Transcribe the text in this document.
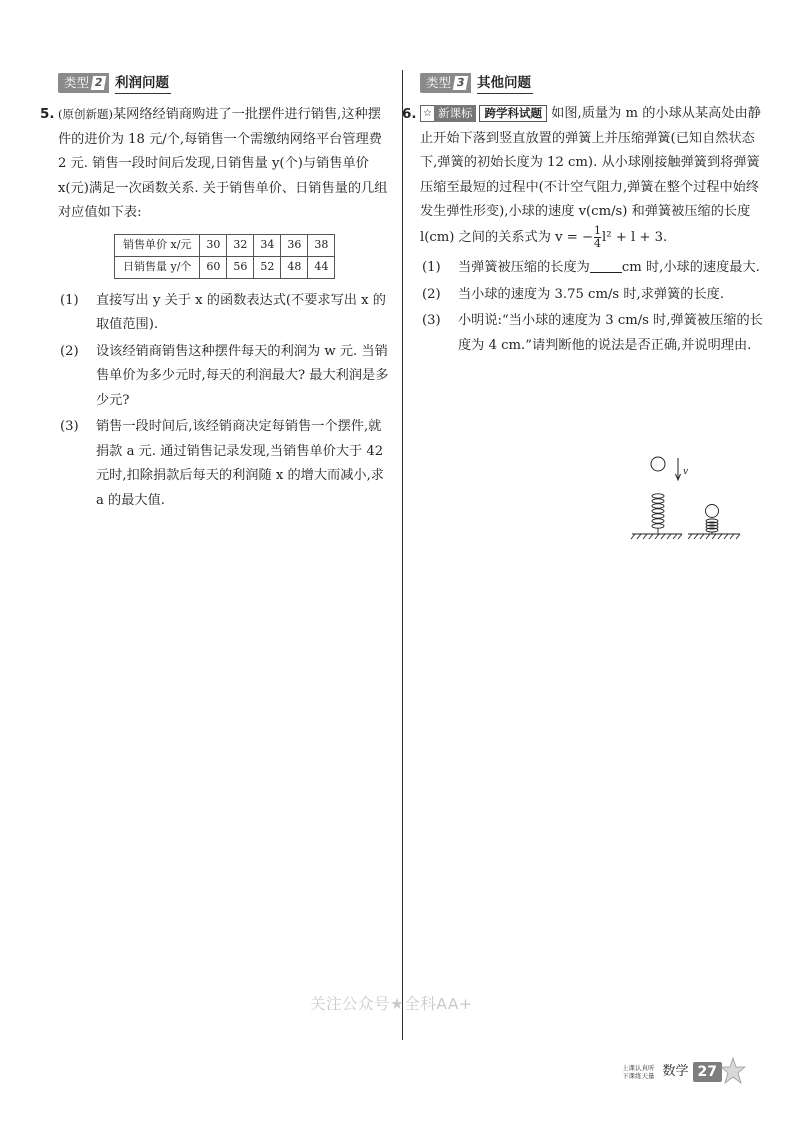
类型 2 利润问题
5. (原创新题)某网络经销商购进了一批摆件进行销售,这种摆件的进价为 18 元/个,每销售一个需缴纳网络平台管理费 2 元. 销售一段时间后发现,日销售量 y(个)与销售单价 x(元)满足一次函数关系. 关于销售单价、日销售量的几组对应值如下表:
销售单价 x/元	30	32	34	36	38
日销售量 y/个	60	56	52	48	44
(1) 直接写出 y 关于 x 的函数表达式(不要求写出 x 的取值范围).
(2) 设该经销商销售这种摆件每天的利润为 w 元. 当销售单价为多少元时,每天的利润最大? 最大利润是多少元?
(3) 销售一段时间后,该经销商决定每销售一个摆件,就捐款 a 元. 通过销售记录发现,当销售单价大于 42 元时,扣除捐款后每天的利润随 x 的增大而减小,求 a 的最大值.
类型 3 其他问题
6. ☆ 新课标	跨学科试题 如图,质量为 m 的小球从某高处由静止开始下落到竖直放置的弹簧上并压缩弹簧(已知自然状态下,弹簧的初始长度为 12 cm). 从小球刚接触弹簧到将弹簧压缩至最短的过程中(不计空气阻力,弹簧在整个过程中始终发生弹性形变),小球的速度 v(cm/s) 和弹簧被压缩的长度 l(cm) 之间的关系式为 v = − $\frac{1}{4} l^2 + l + 3$.
(1) 当弹簧被压缩的长度为 cm 时,小球的速度最大.
(2) 当小球的速度为 3.75 cm/s 时,求弹簧的长度.
(3) 小明说:“当小球的速度为 3 cm/s 时,弹簧被压缩的长度为 4 cm.”请判断他的说法是否正确,并说明理由.
v
关注公众号★全科AA+
上课认真听
下课练天量 数学 27
